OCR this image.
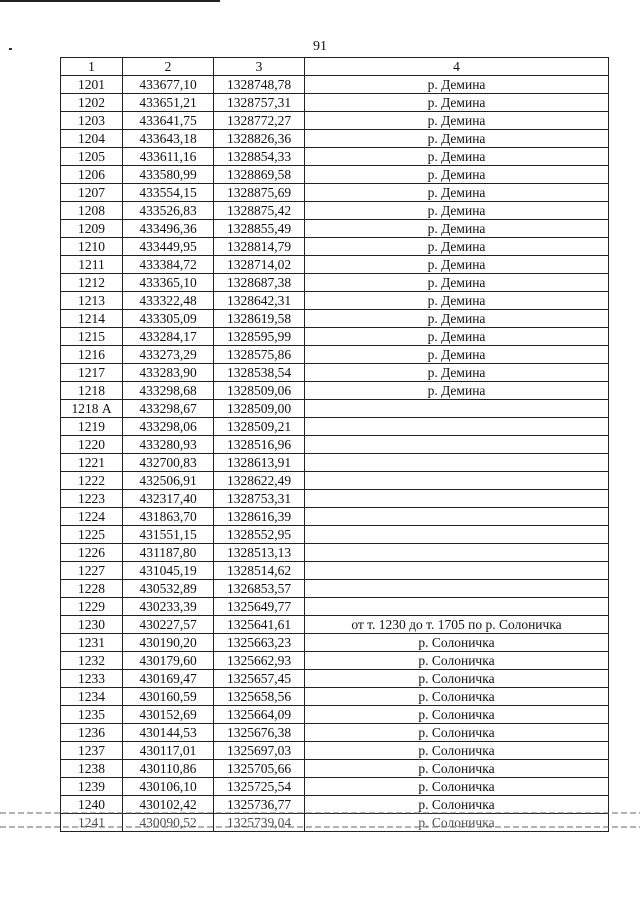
91
1	2	3	4
1201	433677,10	1328748,78	р. Демина
1202	433651,21	1328757,31	р. Демина
1203	433641,75	1328772,27	р. Демина
1204	433643,18	1328826,36	р. Демина
1205	433611,16	1328854,33	р. Демина
1206	433580,99	1328869,58	р. Демина
1207	433554,15	1328875,69	р. Демина
1208	433526,83	1328875,42	р. Демина
1209	433496,36	1328855,49	р. Демина
1210	433449,95	1328814,79	р. Демина
1211	433384,72	1328714,02	р. Демина
1212	433365,10	1328687,38	р. Демина
1213	433322,48	1328642,31	р. Демина
1214	433305,09	1328619,58	р. Демина
1215	433284,17	1328595,99	р. Демина
1216	433273,29	1328575,86	р. Демина
1217	433283,90	1328538,54	р. Демина
1218	433298,68	1328509,06	р. Демина
1218 А	433298,67	1328509,00	
1219	433298,06	1328509,21	
1220	433280,93	1328516,96	
1221	432700,83	1328613,91	
1222	432506,91	1328622,49	
1223	432317,40	1328753,31	
1224	431863,70	1328616,39	
1225	431551,15	1328552,95	
1226	431187,80	1328513,13	
1227	431045,19	1328514,62	
1228	430532,89	1326853,57	
1229	430233,39	1325649,77	
1230	430227,57	1325641,61	от т. 1230 до т. 1705 по р. Солоничка
1231	430190,20	1325663,23	р. Солоничка
1232	430179,60	1325662,93	р. Солоничка
1233	430169,47	1325657,45	р. Солоничка
1234	430160,59	1325658,56	р. Солоничка
1235	430152,69	1325664,09	р. Солоничка
1236	430144,53	1325676,38	р. Солоничка
1237	430117,01	1325697,03	р. Солоничка
1238	430110,86	1325705,66	р. Солоничка
1239	430106,10	1325725,54	р. Солоничка
1240	430102,42	1325736,77	р. Солоничка
1241	430090,52	1325739,04	р. Солоничка
